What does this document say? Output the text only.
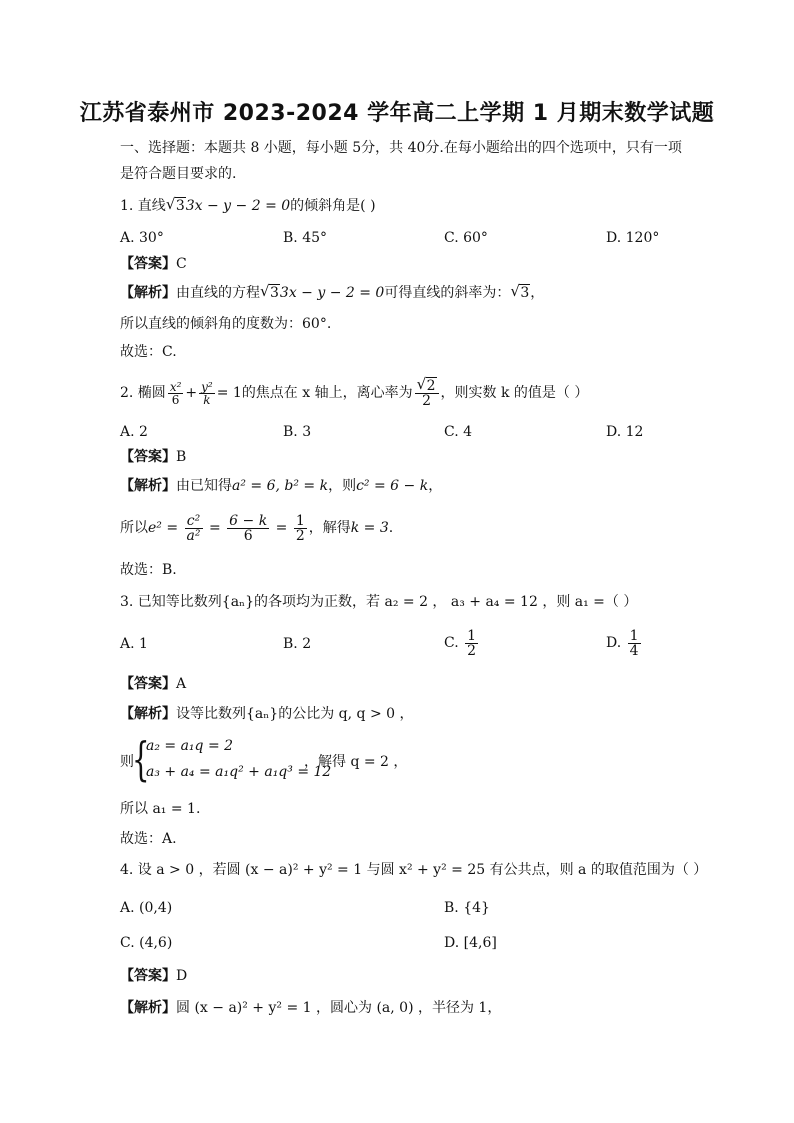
江苏省泰州市 2023-2024 学年高二上学期 1 月期末数学试题
一、选择题：本题共 8 小题，每小题 5分，共 40分.在每小题给出的四个选项中，只有一项
是符合题目要求的.
1. 直线 √ 33x − y − 2 = 0的倾斜角是( )
A. 30°	B. 45°	C. 60°	D. 120°
【答案】C
【解析】由直线的方程 √ 33x − y − 2 = 0可得直线的斜率为： √ 3，
所以直线的倾斜角的度数为：60°.
故选：C.
2. 椭圆 $\frac{\text{x²}}{6} + \frac{\text{y²}}{k} = 1$的焦点在 x 轴上，离心率为 √ $\frac{2}{2}$ ，则实数 k 的值是（ ）
A. 2	B. 3	C. 4	D. 12
【答案】B
【解析】由已知得a² = 6, b² = k，则c² = 6 − k，
所以$e^2 = \frac{\text{c²}}{\text{a²}} = \frac{6 - k}{6} = \frac{1}{2}$ ，解得k = 3.
故选：B.
3. 已知等比数列{aₙ}的各项均为正数，若 a₂ = 2 ， a₃ + a₄ = 12 ，则 a₁ =（ ）
A. 1	B. 2	C. $\frac{1}{2}$	D. $\frac{1}{4}$
【答案】A
【解析】设等比数列{aₙ}的公比为 q, q > 0 ，
则
{
a₂ = a₁q = 2
a₃ + a₄ = a₁q² + a₁q³ = 12
，解得 q = 2 ，
所以 a₁ = 1.
故选：A.
4. 设 a > 0 ，若圆 (x − a)² + y² = 1 与圆 x² + y² = 25 有公共点，则 a 的取值范围为（ ）
A. (0,4)	B. {4}
C. (4,6)	D. [4,6]
【答案】D
【解析】圆 (x − a)² + y² = 1 ，圆心为 (a, 0) ，半径为 1，
